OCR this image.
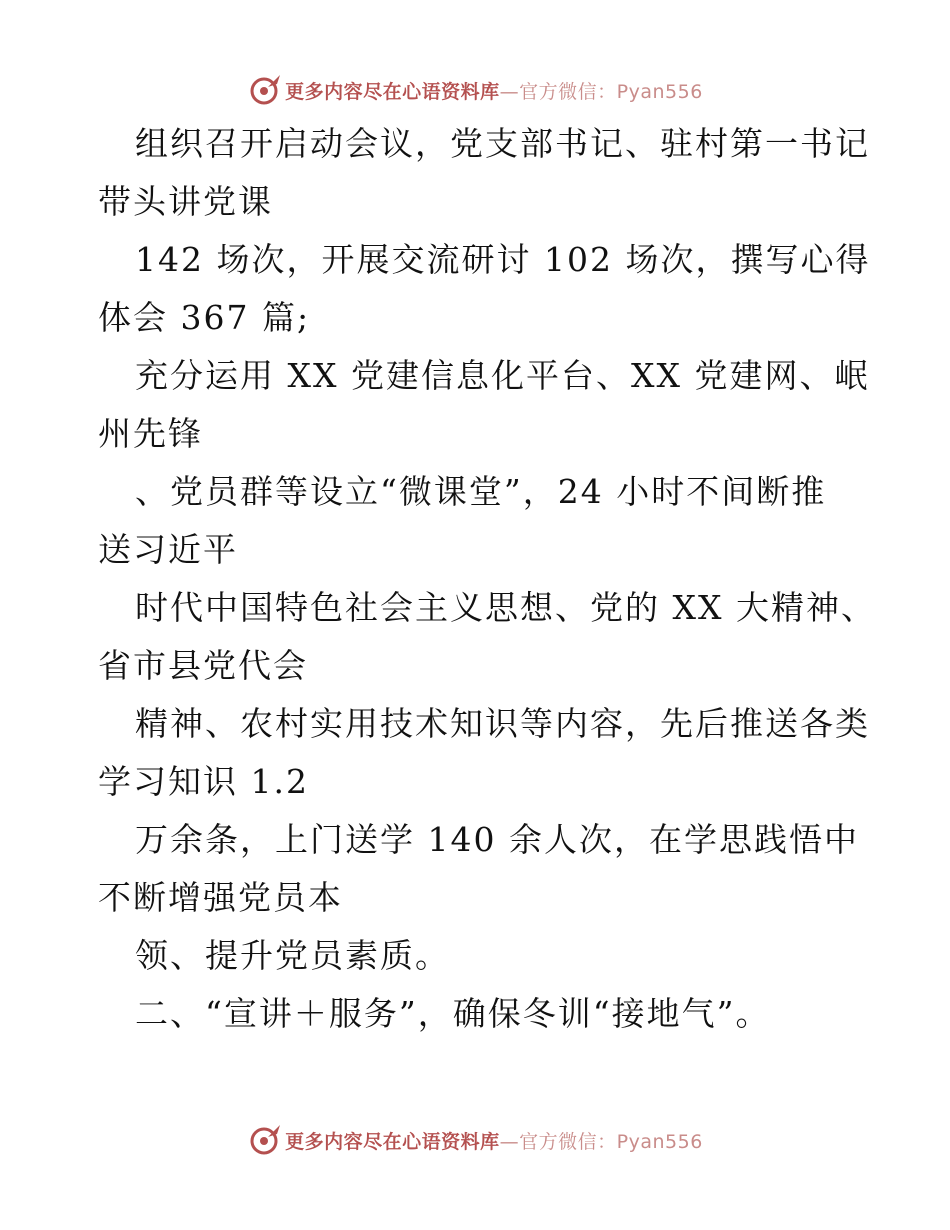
更多内容尽在心语资料库—官方微信：Pyan556
组织召开启动会议，党支部书记、驻村第一书记
带头讲党课
142 场次，开展交流研讨 102 场次，撰写心得
体会 367 篇;
充分运用 XX 党建信息化平台、XX 党建网、岷
州先锋
、党员群等设立“微课堂”，24 小时不间断推
送习近平
时代中国特色社会主义思想、党的 XX 大精神、
省市县党代会
精神、农村实用技术知识等内容，先后推送各类
学习知识 1.2
万余条，上门送学 140 余人次，在学思践悟中
不断增强党员本
领、提升党员素质。
二、“宣讲＋服务”，确保冬训“接地气”。
更多内容尽在心语资料库—官方微信：Pyan556
